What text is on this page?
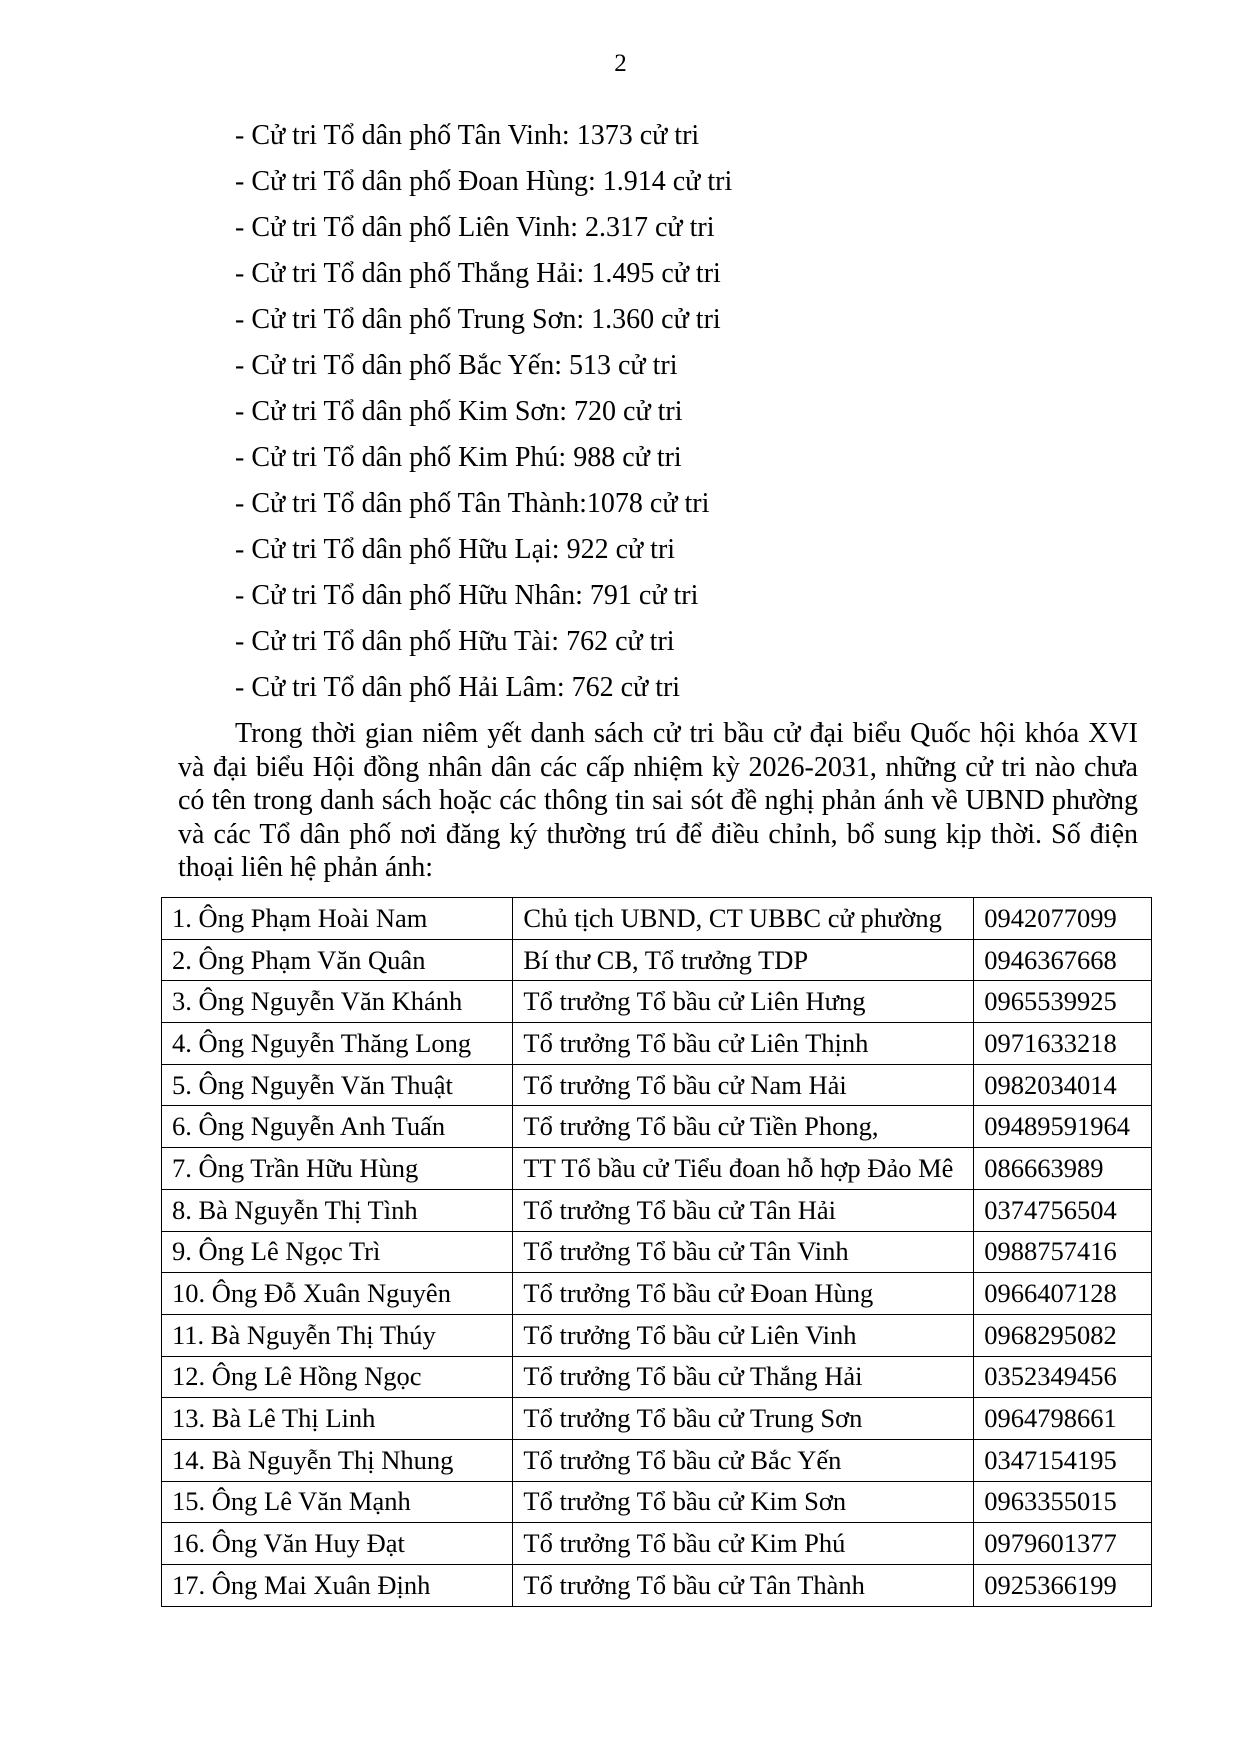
2
- Cử tri Tổ dân phố Tân Vinh: 1373 cử tri
- Cử tri Tổ dân phố Đoan Hùng: 1.914 cử tri
- Cử tri Tổ dân phố Liên Vinh: 2.317 cử tri
- Cử tri Tổ dân phố Thắng Hải: 1.495 cử tri
- Cử tri Tổ dân phố Trung Sơn: 1.360 cử tri
- Cử tri Tổ dân phố Bắc Yến: 513 cử tri
- Cử tri Tổ dân phố Kim Sơn: 720 cử tri
- Cử tri Tổ dân phố Kim Phú: 988 cử tri
- Cử tri Tổ dân phố Tân Thành:1078 cử tri
- Cử tri Tổ dân phố Hữu Lại: 922 cử tri
- Cử tri Tổ dân phố Hữu Nhân: 791 cử tri
- Cử tri Tổ dân phố Hữu Tài: 762 cử tri
- Cử tri Tổ dân phố Hải Lâm: 762 cử tri

Trong thời gian niêm yết danh sách cử tri bầu cử đại biểu Quốc hội khóa XVI và đại biểu Hội đồng nhân dân các cấp nhiệm kỳ 2026-2031, những cử tri nào chưa có tên trong danh sách hoặc các thông tin sai sót đề nghị phản ánh về UBND phường và các Tổ dân phố nơi đăng ký thường trú để điều chỉnh, bổ sung kịp thời. Số điện thoại liên hệ phản ánh:

1. Ông Phạm Hoài Nam	Chủ tịch UBND, CT UBBC cử phường	0942077099
2. Ông Phạm Văn Quân	Bí thư CB, Tổ trưởng TDP	0946367668
3. Ông Nguyễn Văn Khánh	Tổ trưởng Tổ bầu cử Liên Hưng	0965539925
4. Ông Nguyễn Thăng Long	Tổ trưởng Tổ bầu cử Liên Thịnh	0971633218
5. Ông Nguyễn Văn Thuật	Tổ trưởng Tổ bầu cử Nam Hải	0982034014
6. Ông Nguyễn Anh Tuấn	Tổ trưởng Tổ bầu cử Tiền Phong,	09489591964
7. Ông Trần Hữu Hùng	TT Tổ bầu cử Tiểu đoan hỗ hợp Đảo Mê	086663989
8. Bà Nguyễn Thị Tình	Tổ trưởng Tổ bầu cử Tân Hải	0374756504
9. Ông Lê Ngọc Trì	Tổ trưởng Tổ bầu cử Tân Vinh	0988757416
10. Ông Đỗ Xuân Nguyên	Tổ trưởng Tổ bầu cử Đoan Hùng	0966407128
11. Bà Nguyễn Thị Thúy	Tổ trưởng Tổ bầu cử Liên Vinh	0968295082
12. Ông Lê Hồng Ngọc	Tổ trưởng Tổ bầu cử Thắng Hải	0352349456
13. Bà Lê Thị Linh	Tổ trưởng Tổ bầu cử Trung Sơn	0964798661
14. Bà Nguyễn Thị Nhung	Tổ trưởng Tổ bầu cử Bắc Yến	0347154195
15. Ông Lê Văn Mạnh	Tổ trưởng Tổ bầu cử Kim Sơn	0963355015
16. Ông Văn Huy Đạt	Tổ trưởng Tổ bầu cử Kim Phú	0979601377
17. Ông Mai Xuân Định	Tổ trưởng Tổ bầu cử Tân Thành	0925366199
